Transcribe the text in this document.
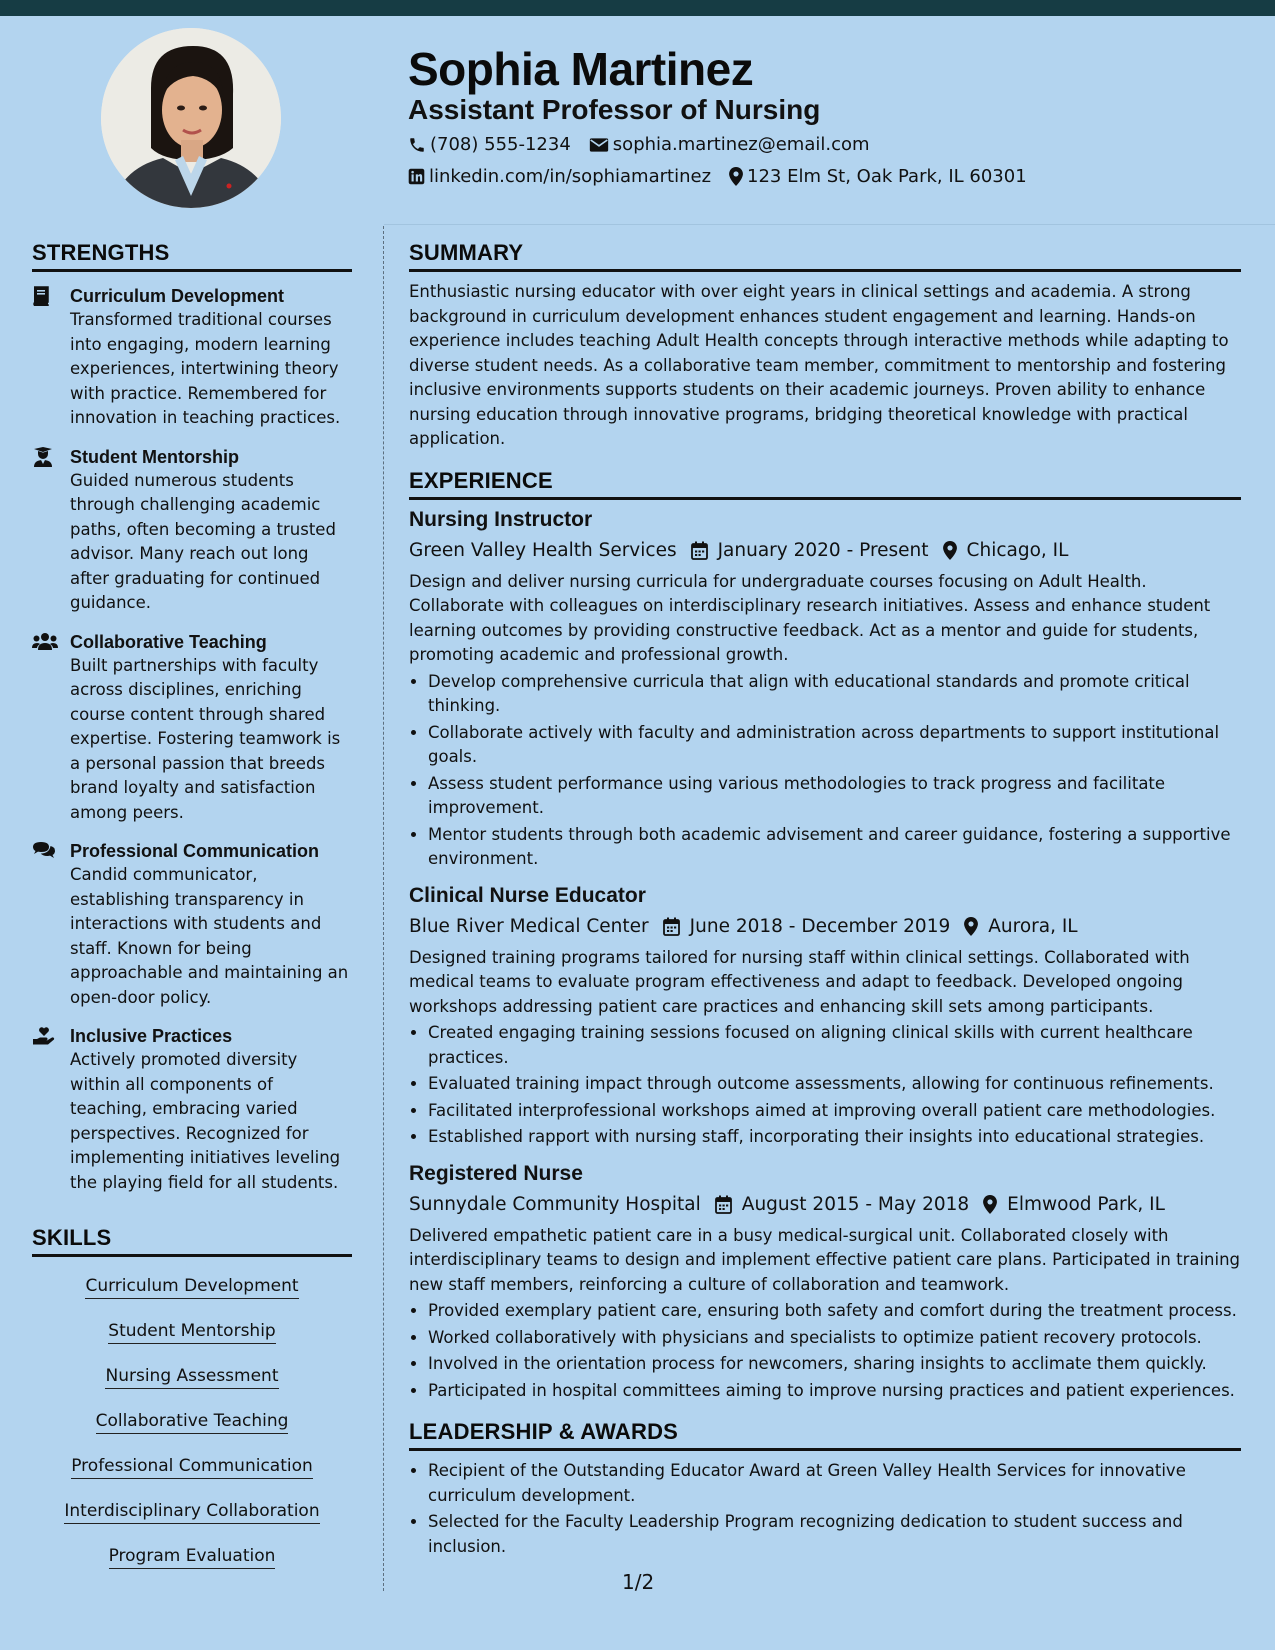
Sophia Martinez
Assistant Professor of Nursing
(708) 555-1234 sophia.martinez@email.com
linkedin.com/in/sophiamartinez 123 Elm St, Oak Park, IL 60301
STRENGTHS
Curriculum Development
Transformed traditional courses into engaging, modern learning experiences, intertwining theory with practice. Remembered for innovation in teaching practices.
Student Mentorship
Guided numerous students through challenging academic paths, often becoming a trusted advisor. Many reach out long after graduating for continued guidance.
Collaborative Teaching
Built partnerships with faculty across disciplines, enriching course content through shared expertise. Fostering teamwork is a personal passion that breeds brand loyalty and satisfaction among peers.
Professional Communication
Candid communicator, establishing transparency in interactions with students and staff. Known for being approachable and maintaining an open-door policy.
Inclusive Practices
Actively promoted diversity within all components of teaching, embracing varied perspectives. Recognized for implementing initiatives leveling the playing field for all students.
SKILLS
Curriculum Development
Student Mentorship
Nursing Assessment
Collaborative Teaching
Professional Communication
Interdisciplinary Collaboration
Program Evaluation
SUMMARY

Enthusiastic nursing educator with over eight years in clinical settings and academia. A strong background in curriculum development enhances student engagement and learning. Hands-on experience includes teaching Adult Health concepts through interactive methods while adapting to diverse student needs. As a collaborative team member, commitment to mentorship and fostering inclusive environments supports students on their academic journeys. Proven ability to enhance nursing education through innovative programs, bridging theoretical knowledge with practical application.

EXPERIENCE
Nursing Instructor
Green Valley Health Services January 2020 - Present Chicago, IL

Design and deliver nursing curricula for undergraduate courses focusing on Adult Health. Collaborate with colleagues on interdisciplinary research initiatives. Assess and enhance student learning outcomes by providing constructive feedback. Act as a mentor and guide for students, promoting academic and professional growth.

• Develop comprehensive curricula that align with educational standards and promote critical thinking.
• Collaborate actively with faculty and administration across departments to support institutional goals.
• Assess student performance using various methodologies to track progress and facilitate improvement.
• Mentor students through both academic advisement and career guidance, fostering a supportive environment.
Clinical Nurse Educator
Blue River Medical Center June 2018 - December 2019 Aurora, IL

Designed training programs tailored for nursing staff within clinical settings. Collaborated with medical teams to evaluate program effectiveness and adapt to feedback. Developed ongoing workshops addressing patient care practices and enhancing skill sets among participants.

• Created engaging training sessions focused on aligning clinical skills with current healthcare practices.
• Evaluated training impact through outcome assessments, allowing for continuous refinements.
• Facilitated interprofessional workshops aimed at improving overall patient care methodologies.
• Established rapport with nursing staff, incorporating their insights into educational strategies.
Registered Nurse
Sunnydale Community Hospital August 2015 - May 2018 Elmwood Park, IL

Delivered empathetic patient care in a busy medical-surgical unit. Collaborated closely with interdisciplinary teams to design and implement effective patient care plans. Participated in training new staff members, reinforcing a culture of collaboration and teamwork.

• Provided exemplary patient care, ensuring both safety and comfort during the treatment process.
• Worked collaboratively with physicians and specialists to optimize patient recovery protocols.
• Involved in the orientation process for newcomers, sharing insights to acclimate them quickly.
• Participated in hospital committees aiming to improve nursing practices and patient experiences.
LEADERSHIP & AWARDS
• Recipient of the Outstanding Educator Award at Green Valley Health Services for innovative curriculum development.
• Selected for the Faculty Leadership Program recognizing dedication to student success and inclusion.
1/2
